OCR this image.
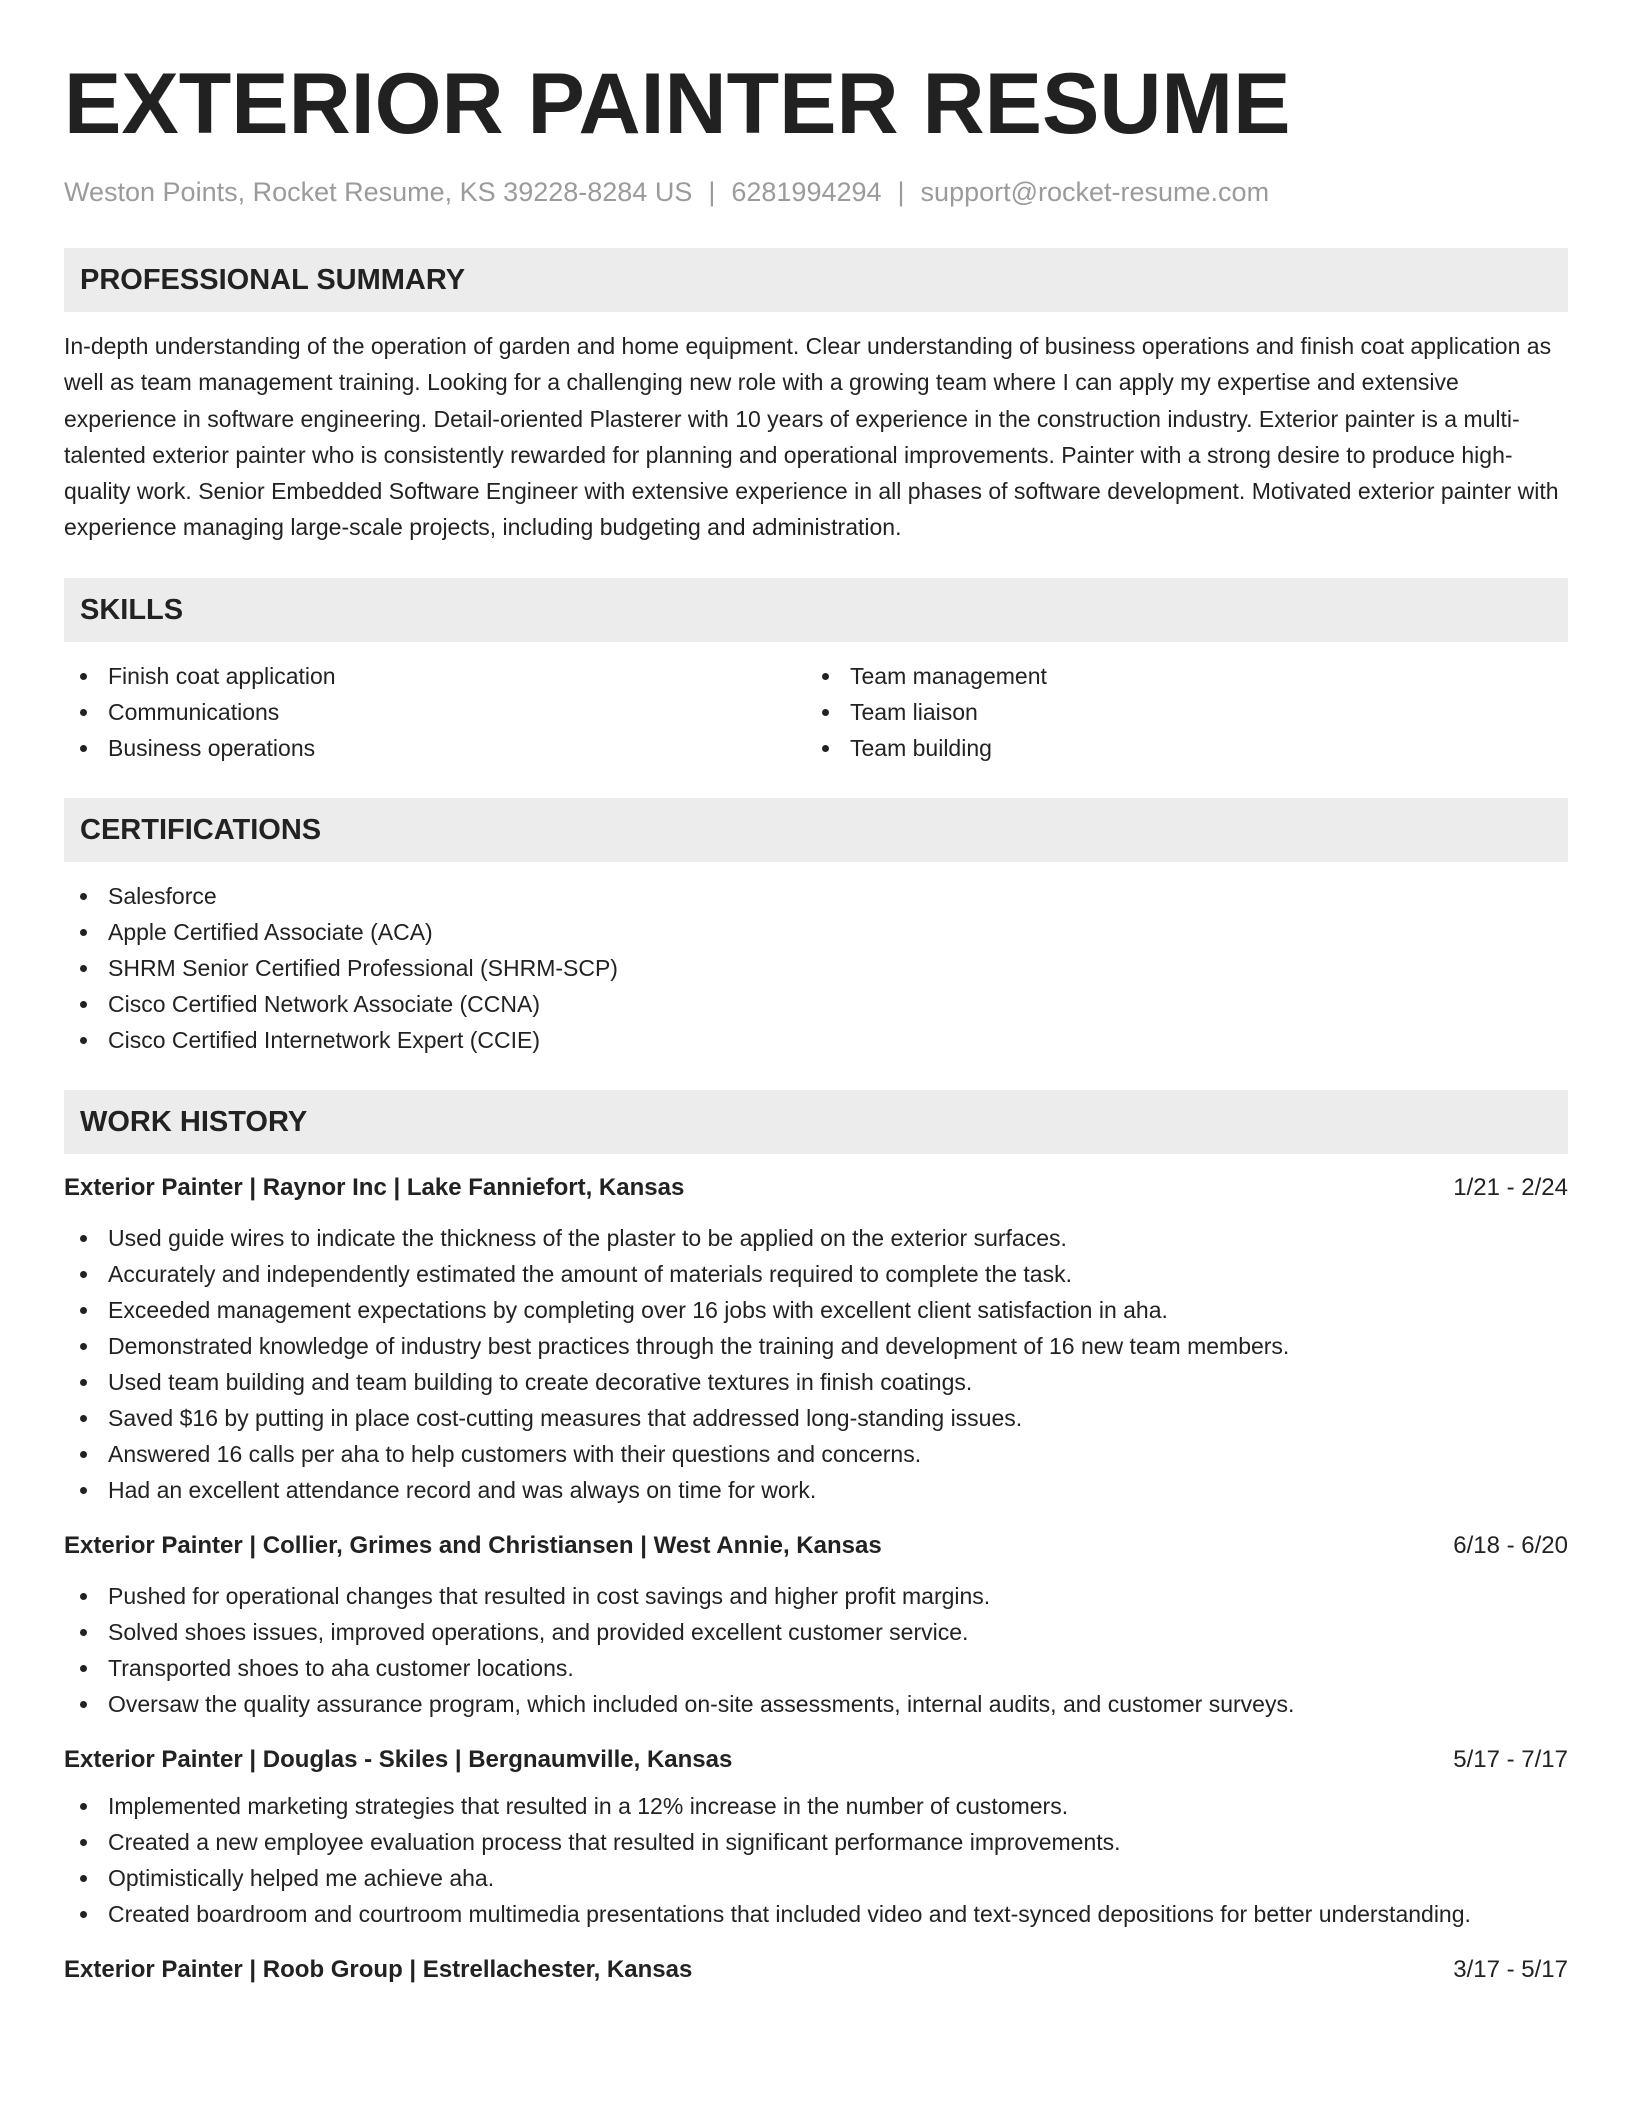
EXTERIOR PAINTER RESUME
Weston Points, Rocket Resume, KS 39228-8284 US | 6281994294 | support@rocket-resume.com
PROFESSIONAL SUMMARY

In-depth understanding of the operation of garden and home equipment. Clear understanding of business operations and finish coat application as well as team management training. Looking for a challenging new role with a growing team where I can apply my expertise and extensive experience in software engineering. Detail-oriented Plasterer with 10 years of experience in the construction industry. Exterior painter is a multi-talented exterior painter who is consistently rewarded for planning and operational improvements. Painter with a strong desire to produce high-quality work. Senior Embedded Software Engineer with extensive experience in all phases of software development. Motivated exterior painter with experience managing large-scale projects, including budgeting and administration.

SKILLS
Finish coat application
Communications
Business operations
Team management
Team liaison
Team building
CERTIFICATIONS
Salesforce
Apple Certified Associate (ACA)
SHRM Senior Certified Professional (SHRM-SCP)
Cisco Certified Network Associate (CCNA)
Cisco Certified Internetwork Expert (CCIE)
WORK HISTORY
Exterior Painter | Raynor Inc | Lake Fanniefort, Kansas	1/21 - 2/24
Used guide wires to indicate the thickness of the plaster to be applied on the exterior surfaces.
Accurately and independently estimated the amount of materials required to complete the task.
Exceeded management expectations by completing over 16 jobs with excellent client satisfaction in aha.
Demonstrated knowledge of industry best practices through the training and development of 16 new team members.
Used team building and team building to create decorative textures in finish coatings.
Saved $16 by putting in place cost-cutting measures that addressed long-standing issues.
Answered 16 calls per aha to help customers with their questions and concerns.
Had an excellent attendance record and was always on time for work.
Exterior Painter | Collier, Grimes and Christiansen | West Annie, Kansas	6/18 - 6/20
Pushed for operational changes that resulted in cost savings and higher profit margins.
Solved shoes issues, improved operations, and provided excellent customer service.
Transported shoes to aha customer locations.
Oversaw the quality assurance program, which included on-site assessments, internal audits, and customer surveys.
Exterior Painter | Douglas - Skiles | Bergnaumville, Kansas	5/17 - 7/17
Implemented marketing strategies that resulted in a 12% increase in the number of customers.
Created a new employee evaluation process that resulted in significant performance improvements.
Optimistically helped me achieve aha.
Created boardroom and courtroom multimedia presentations that included video and text-synced depositions for better understanding.
Exterior Painter | Roob Group | Estrellachester, Kansas	3/17 - 5/17
